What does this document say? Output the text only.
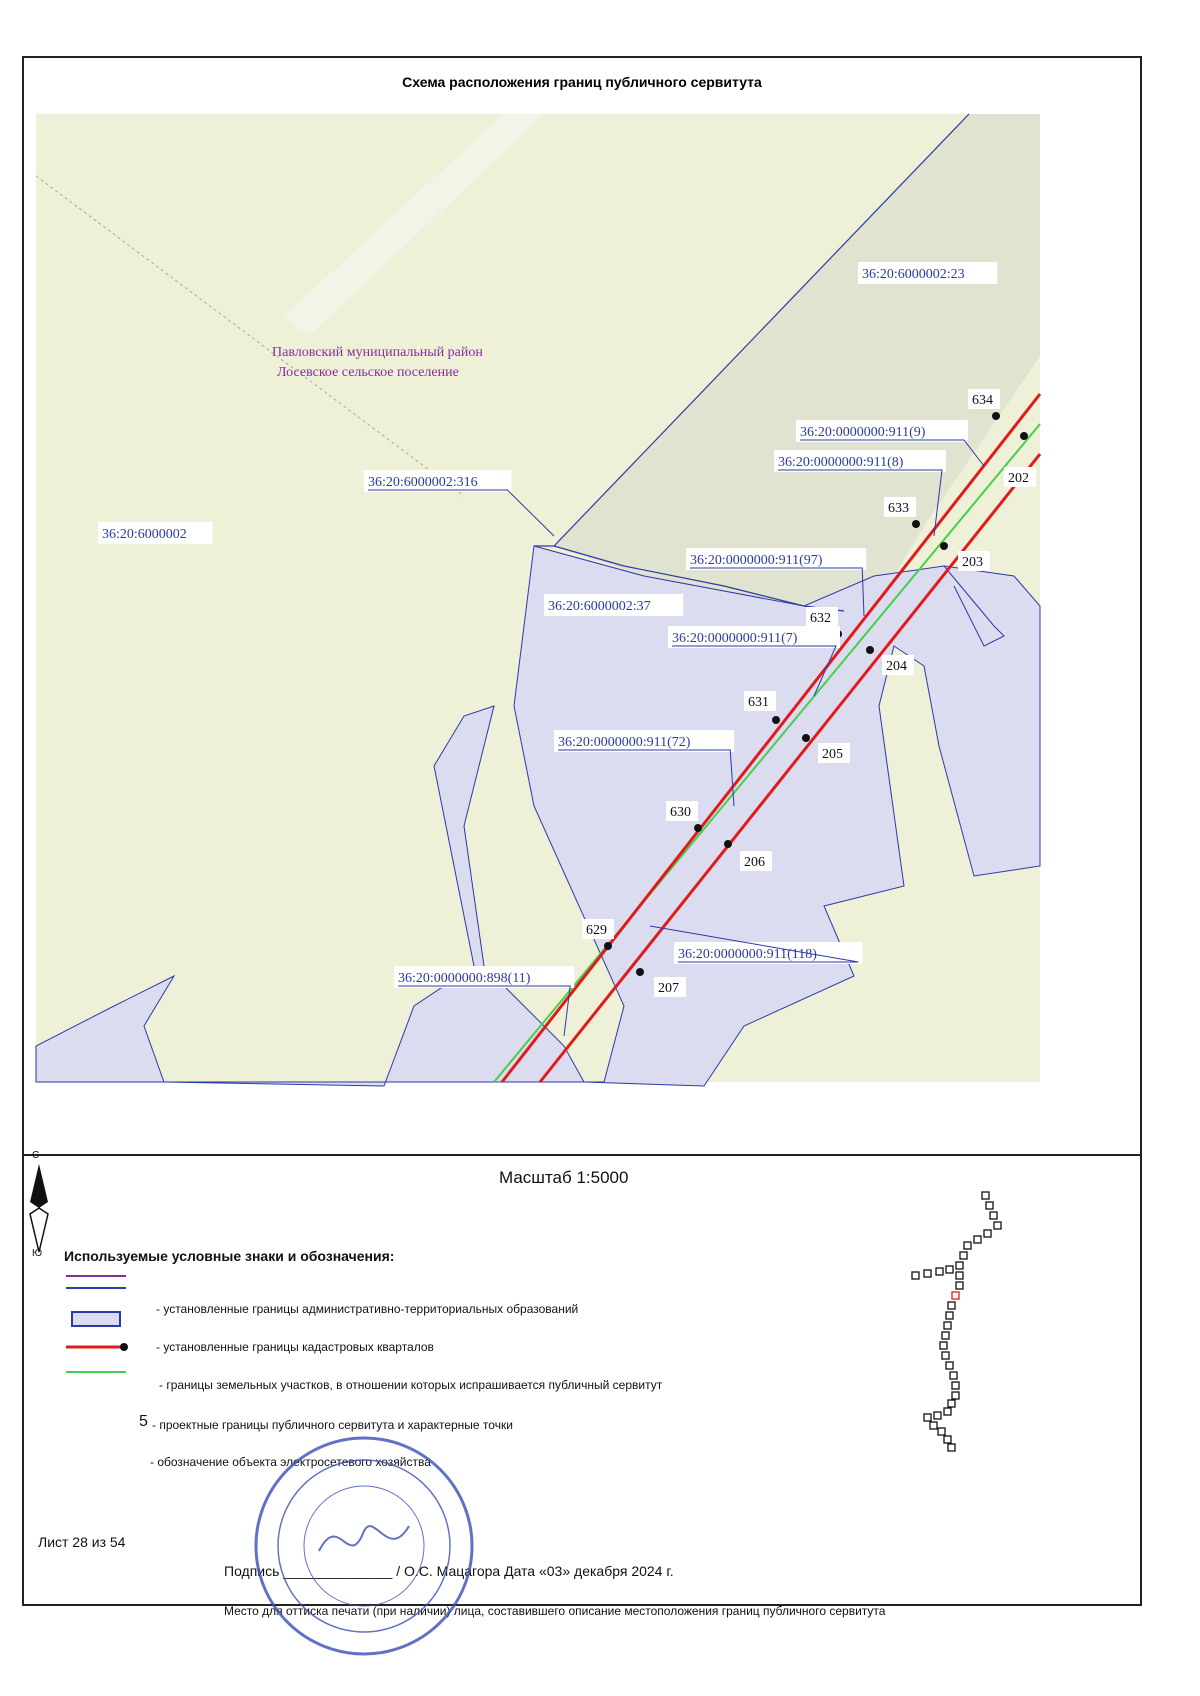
Схема расположения границ публичного сервитута
634
633
632
631
630
629
202
203
204
205
206
207
36:20:6000002:23
36:20:6000002
36:20:6000002:316
36:20:6000002:37
36:20:0000000:911(9)
36:20:0000000:911(8)
36:20:0000000:911(97)
36:20:0000000:911(7)
36:20:0000000:911(72)
36:20:0000000:911(118)
36:20:0000000:898(11)
Павловский муниципальный район
Лосевское сельское поселение
Ю
С
Масштаб 1:5000
Используемые условные знаки и обозначения:
- установленные границы административно-территориальных образований
- установленные границы кадастровых кварталов
- границы земельных участков, в отношении которых испрашивается публичный сервитут
5 - проектные границы публичного сервитута и характерные точки
- обозначение объекта электросетевого хозяйства
Лист 28 из 54
Подпись ______________ / О.С. Мацагора Дата «03» декабря 2024 г.
Место для оттиска печати (при наличии) лица, составившего описание местоположения границ публичного сервитута
